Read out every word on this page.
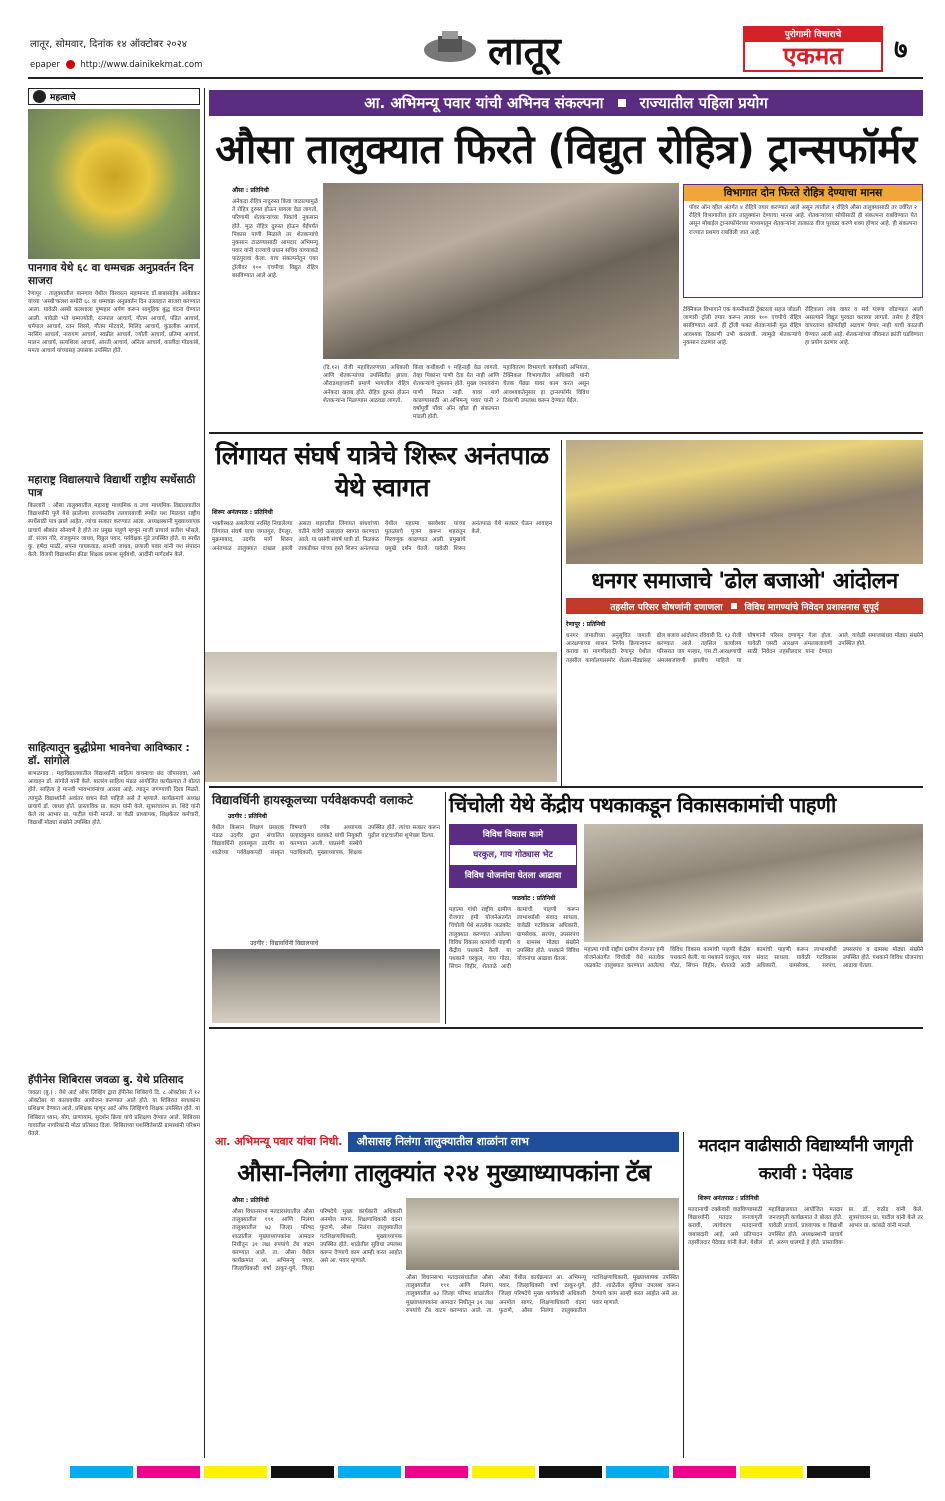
लातूर, सोमवार, दिनांक १४ ऑक्टोबर २०२४
epaper http://www.dainikekmat.com	लातूर	पुरोगामी विचाराचे
एकमत	७
महत्वाचे
पानगाव येथे ६८ वा धम्मचक्र अनुप्रवर्तन दिन साजरा
रेणापूर : तालुक्यातील पानगाव येथील विश्वरत्न महामानव डॉ.बाबासाहेब आंबेडकर यांच्या 'अस्थी'कलश समोरी ६८ वा धम्मचक्र अनुप्रवर्तन दिन उत्साहात साजरा करण्यात आला. यावेळी अस्थी कलशाला पुष्पहार अर्पण करून सामूहिक बुद्ध वंदना घेण्यात आली. यावेळी भंते धम्मज्योती, रत्नपाल आचार्य, गौतम आचार्य, पंडित आचार्य, धर्मपाल आचार्य, रतन शिरसे, गौतम मोटवारे, मिलिंद आचार्य, कुंडलीक आचार्य, नरसिंग आचार्य, नारायण आचार्य, स्वप्नील आचार्य, ज्योती आचार्य, प्रतिमा आचार्य, मालन आचार्य, सत्यशिला आचार्य, आरती आचार्य, अनिता आचार्य, कालींदा गोडकांबे, ममता आचार्य यांच्यासह उपासक उपस्थित होते.
महाराष्ट्र विद्यालयाचे विद्यार्थी राष्ट्रीय स्पर्धेसाठी पात्र
किल्लारी : औसा तालुक्यातील महाराष्ट्र माध्यमिक व उच्च माध्यमिक विद्यालयातील विद्यार्थ्यांनी पुणे येथे झालेल्या राज्यस्तरीय तलवारबाजी स्पर्धेत यश मिळवत राष्ट्रीय स्पर्धेसाठी पात्र झाले आहेत. त्यांचा सत्कार करण्यात आला. अध्यक्षस्थानी मुख्याध्यापक प्राचार्य श्रीकांत सोनवणे हे होते तर प्रमुख पाहुणे म्हणून माजी प्राचार्य सतीश भोसले, डॉ. संजय गोरे, राजकुमार जाधव, विठ्ठल पवार, पर्यवेक्षक मुंडे उपस्थित होते. या स्पर्धेत कु. हर्षदा माळी, सपना गायकवाड, सानवी जाधव, प्रणाली पवार यांनी यश संपादन केले. विजयी विद्यार्थ्यांना क्रीडा शिक्षक प्रकाश सूर्यवंशी, आदींनी मार्गदर्शन केले.
साहित्यातून बुद्धीप्रेमा भावनेचा आविष्कार : डॉ. सांगोले
बाभळगाव : महाविद्यालयातील विद्यार्थ्यांनी साहित्य वाचनाचा छंद जोपासावा, असे आवाहन डॉ. सांगोले यांनी केले. बालरंग साहित्य मंडळ आयोजित कार्यक्रमात ते बोलत होते. साहित्य हे मानवी भावभावनांचा आरसा आहे. त्यातून जगण्याची दिशा मिळते. त्यामुळे विद्यार्थ्यांनी अवांतर वाचन केले पाहिजे असे ते म्हणाले. कार्यक्रमाचे अध्यक्ष प्राचार्य डॉ. जाधव होते. प्रास्ताविक प्रा. कदम यांनी केले. सूत्रसंचालन प्रा. शिंदे यांनी केले तर आभार प्रा. पाटील यांनी मानले. या वेळी प्राध्यापक, शिक्षकेतर कर्मचारी, विद्यार्थी मोठ्या संख्येने उपस्थित होते.
हॅपीनेस शिबिरास जवळा बु. येथे प्रतिसाद
जवळा (बु.) : येथे आर्ट ऑफ लिव्हिंग द्वारा हॅपीनेस शिबिराचे दि. ८ ऑक्टोबर ते १२ ऑक्टोबर या कालावधीत आयोजन करण्यात आले होते. या शिबिरात साधकांना प्रशिक्षण देण्यात आले. प्रशिक्षक म्हणून आर्ट ऑफ लिव्हिंगचे शिक्षक उपस्थित होते. या शिबिरात ध्यान, योग, प्राणायाम, सुदर्शन क्रिया यांचे प्रशिक्षण देण्यात आले. शिबिरास गावातील नागरिकांनी मोठा प्रतिसाद दिला. शिबिराच्या यशस्वितेसाठी ग्रामस्थांनी परिश्रम घेतले.
आ. अभिमन्यू पवार यांची अभिनव संकल्पना राज्यातील पहिला प्रयोग
औसा तालुक्यात फिरते (विद्युत रोहित्र) ट्रान्सफॉर्मर
औसा : प्रतिनिधी
अनेकदा रोहित्र नादुरुस्त किंवा जळाल्यामुळे ते रोहित्र दुरुस्त होऊन यायला वेळ लागतो, परिणामी शेतकऱ्यांच्या पिकांचे नुकसान होते. मूळ रोहित्र दुरुस्त होऊन येईपर्यंत पिकास पाणी मिळाले तर शेतकऱ्यांचे नुकसान टाळण्यासाठी आमदार अभिमन्यू पवार यांनी राज्याचे प्रधान सचिव यांच्याकडे पाठपुरावा केला. याच संकल्पनेतून एका ट्रॉलीवर १०० एचपीचा विद्युत रोहित्र बसविण्यात आले आहे.
विभागात दोन फिरते रोहित्र देण्याचा मानस
पॉवर ऑन व्हील अंतर्गत ४ रोहित्रे तयार करण्यात आले असून त्यातील २ रोहित्रे औसा तालुक्यासाठी तर उर्वरित २ रोहित्रे विभागातील इतर तालुक्यांना देण्याचा मानस आहे. शेतकऱ्यांच्या सोयीसाठी ही संकल्पना राबविण्यात येत असून मोबाईल ट्रान्सफॉर्मरच्या माध्यमातून शेतकऱ्यांना तात्काळ वीज पुरवठा करणे शक्य होणार आहे. ही संकल्पना राज्यात प्रथमच राबविली जात आहे.
(दि.१२) रोजी महावितरणच्या अधिकारी आणि शेतकऱ्यांच्या उपस्थितीत झाला. औराडशहाजानी प्रमाणे भागातील रोहित्र अनेकदा खराब होते. रोहित्र दुरुस्त होऊन शेतकऱ्यांना मिळण्यास आठवडा लागतो.
किंवा कधीकधी १ महिनाही वेळ लागतो. तेव्हा पिकांना पाणी देता येत नाही आणि शेतकऱ्यांचे नुकसान होते. मुख्य जनावरांना पाणी मिळत नाही. यावर मार्ग काढण्यासाठी आ.अभिमन्यू पवार यांनी २ वर्षांपूर्वी पॉवर ऑन व्हील ही संकल्पना मांडली होती.
महावितरण विभागाचे कार्यकारी अभियंता, टेक्निकल विभागातील अधिकारी यांनी चेतक पेंढ्या यावर काम करत असून आवश्यकतेनुसार हा ट्रान्सफॉर्मर विविध ठिकाणी उपलब्ध करून देण्यात येईल.
टेक्निकल विभागाने एक कंपनीसाठी ट्रॅक्टरला सहज जोडली जाणारी ट्रॉली तयार करून त्यावर १०० एचपीचे रोहित्र बसविण्यात आले. ही ट्रॉली फक्त शेतकऱ्यांनी मुळ रोहित्र आवश्यक ठिकाणी उभी करायची. त्यामुळे शेतकऱ्यांचे नुकसान टळणार आहे.
रोहित्राला लांब वायर व सर्व यंत्रणा जोडण्यात आली असल्याने विद्युत पुरवठा कराव्या लागतो. तसेच हे रोहित्र वापरताना कोणतीही अडचण येणार नाही याची काळजी घेण्यात आली आहे. शेतकऱ्यांच्या जीवनात क्रांती घडविणारा हा प्रयोग ठरणार आहे.
लिंगायत संघर्ष यात्रेचे शिरूर अनंतपाळ येथे स्वागत
शिरूर अनंतपाळ : प्रतिनिधी
भक्तीस्थळ असलेल्या नरसिंह निघालेल्या लिंगायत संघर्ष यात्रा जगतगुरु, देगलूर, मुक्रमाबाद, उदगीर मार्गे शिरूर अनंतपाळ तालुक्यात दाखल झाली असता शहरातील लिंगायत बांधवांच्या वतीने यात्रेचे उत्साहात स्वागत करण्यात आले. या प्रसंगी संघर्ष यात्री डॉ. निळकंठ ताकडीकर यांच्या हस्ते शिरूर अनंतपाळ येथील महात्मा बसवेश्वर यांच्या पुतळ्याचे पूजन करून शहरातून मिरवणूक काढण्यात आली. प्रमुखांचे प्रमुखे दर्शन घेतले. यावेळी शिरूर अनंतपाळ येथे सत्कार घेऊन आवाहन केले.
धनगर समाजाचे 'ढोल बजाओ' आंदोलन
तहसील परिसर घोषणांनी दणाणला विविध मागण्यांचे निवेदन प्रशासनास सुपूर्द
रेणापूर : प्रतिनिधी
धनगर जमातीच्या अनुसूचित जमाती आरक्षणाच्या शासन निर्णय क्रियान्वयन करावा या मागणीसाठी रेणापूर येथील तहसील कार्यालयासमोर शेळ्या-मेंढ्यांसह ढोल बजाव आंदोलन रविवारी दि. १३ रोजी करण्यात आले. तहसिल कार्यालय परिसरात जय मल्हार, एस.टी.आरक्षणाची अंमलबजावणी झालीच पाहिजे या घोषणांनी परिसर दणाणून गेला होता. यावेळी एसटी आरक्षण अंमलबजावणी साठी निवेदन तहसीलदार यांना देण्यात आले. यावेळी समाजबांधव मोठ्या संख्येने उपस्थित होते.
विद्यावर्धिनी हायस्कूलच्या पर्यवेक्षकपदी वलाकटे
उदगीर : प्रतिनिधी
येथील किसान शिक्षण प्रसारक मंडळ उदगीर द्वारा संचालित विद्यावर्धिनी हायस्कूल उदगीर या शाळेच्या पर्यवेक्षकपदी संस्कृत विषयाचे ज्येष्ठ अध्यापक प्रल्हादकुमार वलाकटे यांची नियुक्ती करण्यात आली. याप्रसंगी संस्थेचे पदाधिकारी, मुख्याध्यापक, शिक्षक उपस्थित होते. त्यांचा सत्कार करून पुढील वाटचालीस शुभेच्छा दिल्या.
उदगीर : विद्यावर्धिनी विद्यालयाचे
चिंचोली येथे केंद्रीय पथकाकडून विकासकामांची पाहणी
विविध विकास कामे
घरकुल, गाय गोठ्यास भेट
विविध योजनांचा घेतला आढावा
जळकोट : प्रतिनिधी
महात्मा गांधी राष्ट्रीय ग्रामीण रोजगार हमी योजनेअंतर्गत चिंचोली येथे सतत्वेक जळकोट तालुक्यात करण्यात आलेल्या विविध विकास कामांची पाहणी केंद्रीय पथकाने केली. या पथकाने घरकुल, गाय गोठा, सिंचन विहीर, शेततळे आदी कामांची पाहणी करून लाभार्थ्यांशी संवाद साधला. यावेळी गटविकास अधिकारी, ग्रामसेवक, सरपंच, उपसरपंच व ग्रामस्थ मोठ्या संख्येने उपस्थित होते. पथकाने विविध योजनांचा आढावा घेतला.
महात्मा गांधी राष्ट्रीय ग्रामीण रोजगार हमी योजनेअंतर्गत चिंचोली येथे सतत्वेक जळकोट तालुक्यात करण्यात आलेल्या विविध विकास कामांची पाहणी केंद्रीय पथकाने केली. या पथकाने घरकुल, गाय गोठा, सिंचन विहीर, शेततळे आदी कामांची पाहणी करून लाभार्थ्यांशी संवाद साधला. यावेळी गटविकास अधिकारी, ग्रामसेवक, सरपंच, उपसरपंच व ग्रामस्थ मोठ्या संख्येने उपस्थित होते. पथकाने विविध योजनांचा आढावा घेतला.
आ. अभिमन्यू पवार यांचा निधी.	औसासह निलंगा तालुक्यातील शाळांना लाभ
औसा-निलंगा तालुक्यांत २२४ मुख्याध्यापकांना टॅब
औसा : प्रतिनिधी
औसा विधानसभा मतदारसंघातील औसा तालुक्यातील १९१ आणि निलंगा तालुक्यातील ७३ जिल्हा परिषद शाळांतील मुख्याध्यापकांना आमदार निधीतून ३१ लक्ष रुपयांचे टॅब वाटप करण्यात आले. ता. औसा येथील कार्यक्रमात आ. अभिमन्यू पवार, जिल्हाधिकारी वर्षा ठाकूर-घुगे, जिल्हा परिषदेचे मुख्य कार्यकारी अधिकारी अनमोल सागर, शिक्षणाधिकारी वंदना फुटाणे, औसा निलंगा तालुक्यातील गटशिक्षणाधिकारी, मुख्याध्यापक उपस्थित होते. शाळेतील सुविधा उपलब्ध करून देण्याचे काम आम्ही करत आहोत असे आ. पवार म्हणाले.
औसा विधानसभा मतदारसंघातील औसा तालुक्यातील १९१ आणि निलंगा तालुक्यातील ७३ जिल्हा परिषद शाळांतील मुख्याध्यापकांना आमदार निधीतून ३१ लक्ष रुपयांचे टॅब वाटप करण्यात आले. ता. औसा येथील कार्यक्रमात आ. अभिमन्यू पवार, जिल्हाधिकारी वर्षा ठाकूर-घुगे, जिल्हा परिषदेचे मुख्य कार्यकारी अधिकारी अनमोल सागर, शिक्षणाधिकारी वंदना फुटाणे, औसा निलंगा तालुक्यातील गटशिक्षणाधिकारी, मुख्याध्यापक उपस्थित होते. शाळेतील सुविधा उपलब्ध करून देण्याचे काम आम्ही करत आहोत असे आ. पवार म्हणाले.
मतदान वाढीसाठी विद्यार्थ्यांनी जागृती करावी : पेदेवाड
शिरूर अनंतपाळ : प्रतिनिधी
मतदानाची टक्केवारी वाढविण्यासाठी विद्यार्थ्यांनी मतदार जनजागृती करावी, त्यांचेवरच मतदानाची जबाबदारी आहे, असे प्रतिपादन तहसीलदार पेदेवाड यांनी केले. येथील महाविद्यालयात आयोजित मतदार जनजागृती कार्यक्रमात ते बोलत होते. यावेळी प्राचार्य, प्राध्यापक व विद्यार्थी उपस्थित होते. अध्यक्षस्थानी प्राचार्य डॉ. अरुण धालगडे हे होते. प्रास्ताविक प्रा. डॉ. राठोड यांनी केले. सूत्रसंचालन प्रा. पाटील यांनी केले तर आभार प्रा. कांबळे यांनी मानले.
